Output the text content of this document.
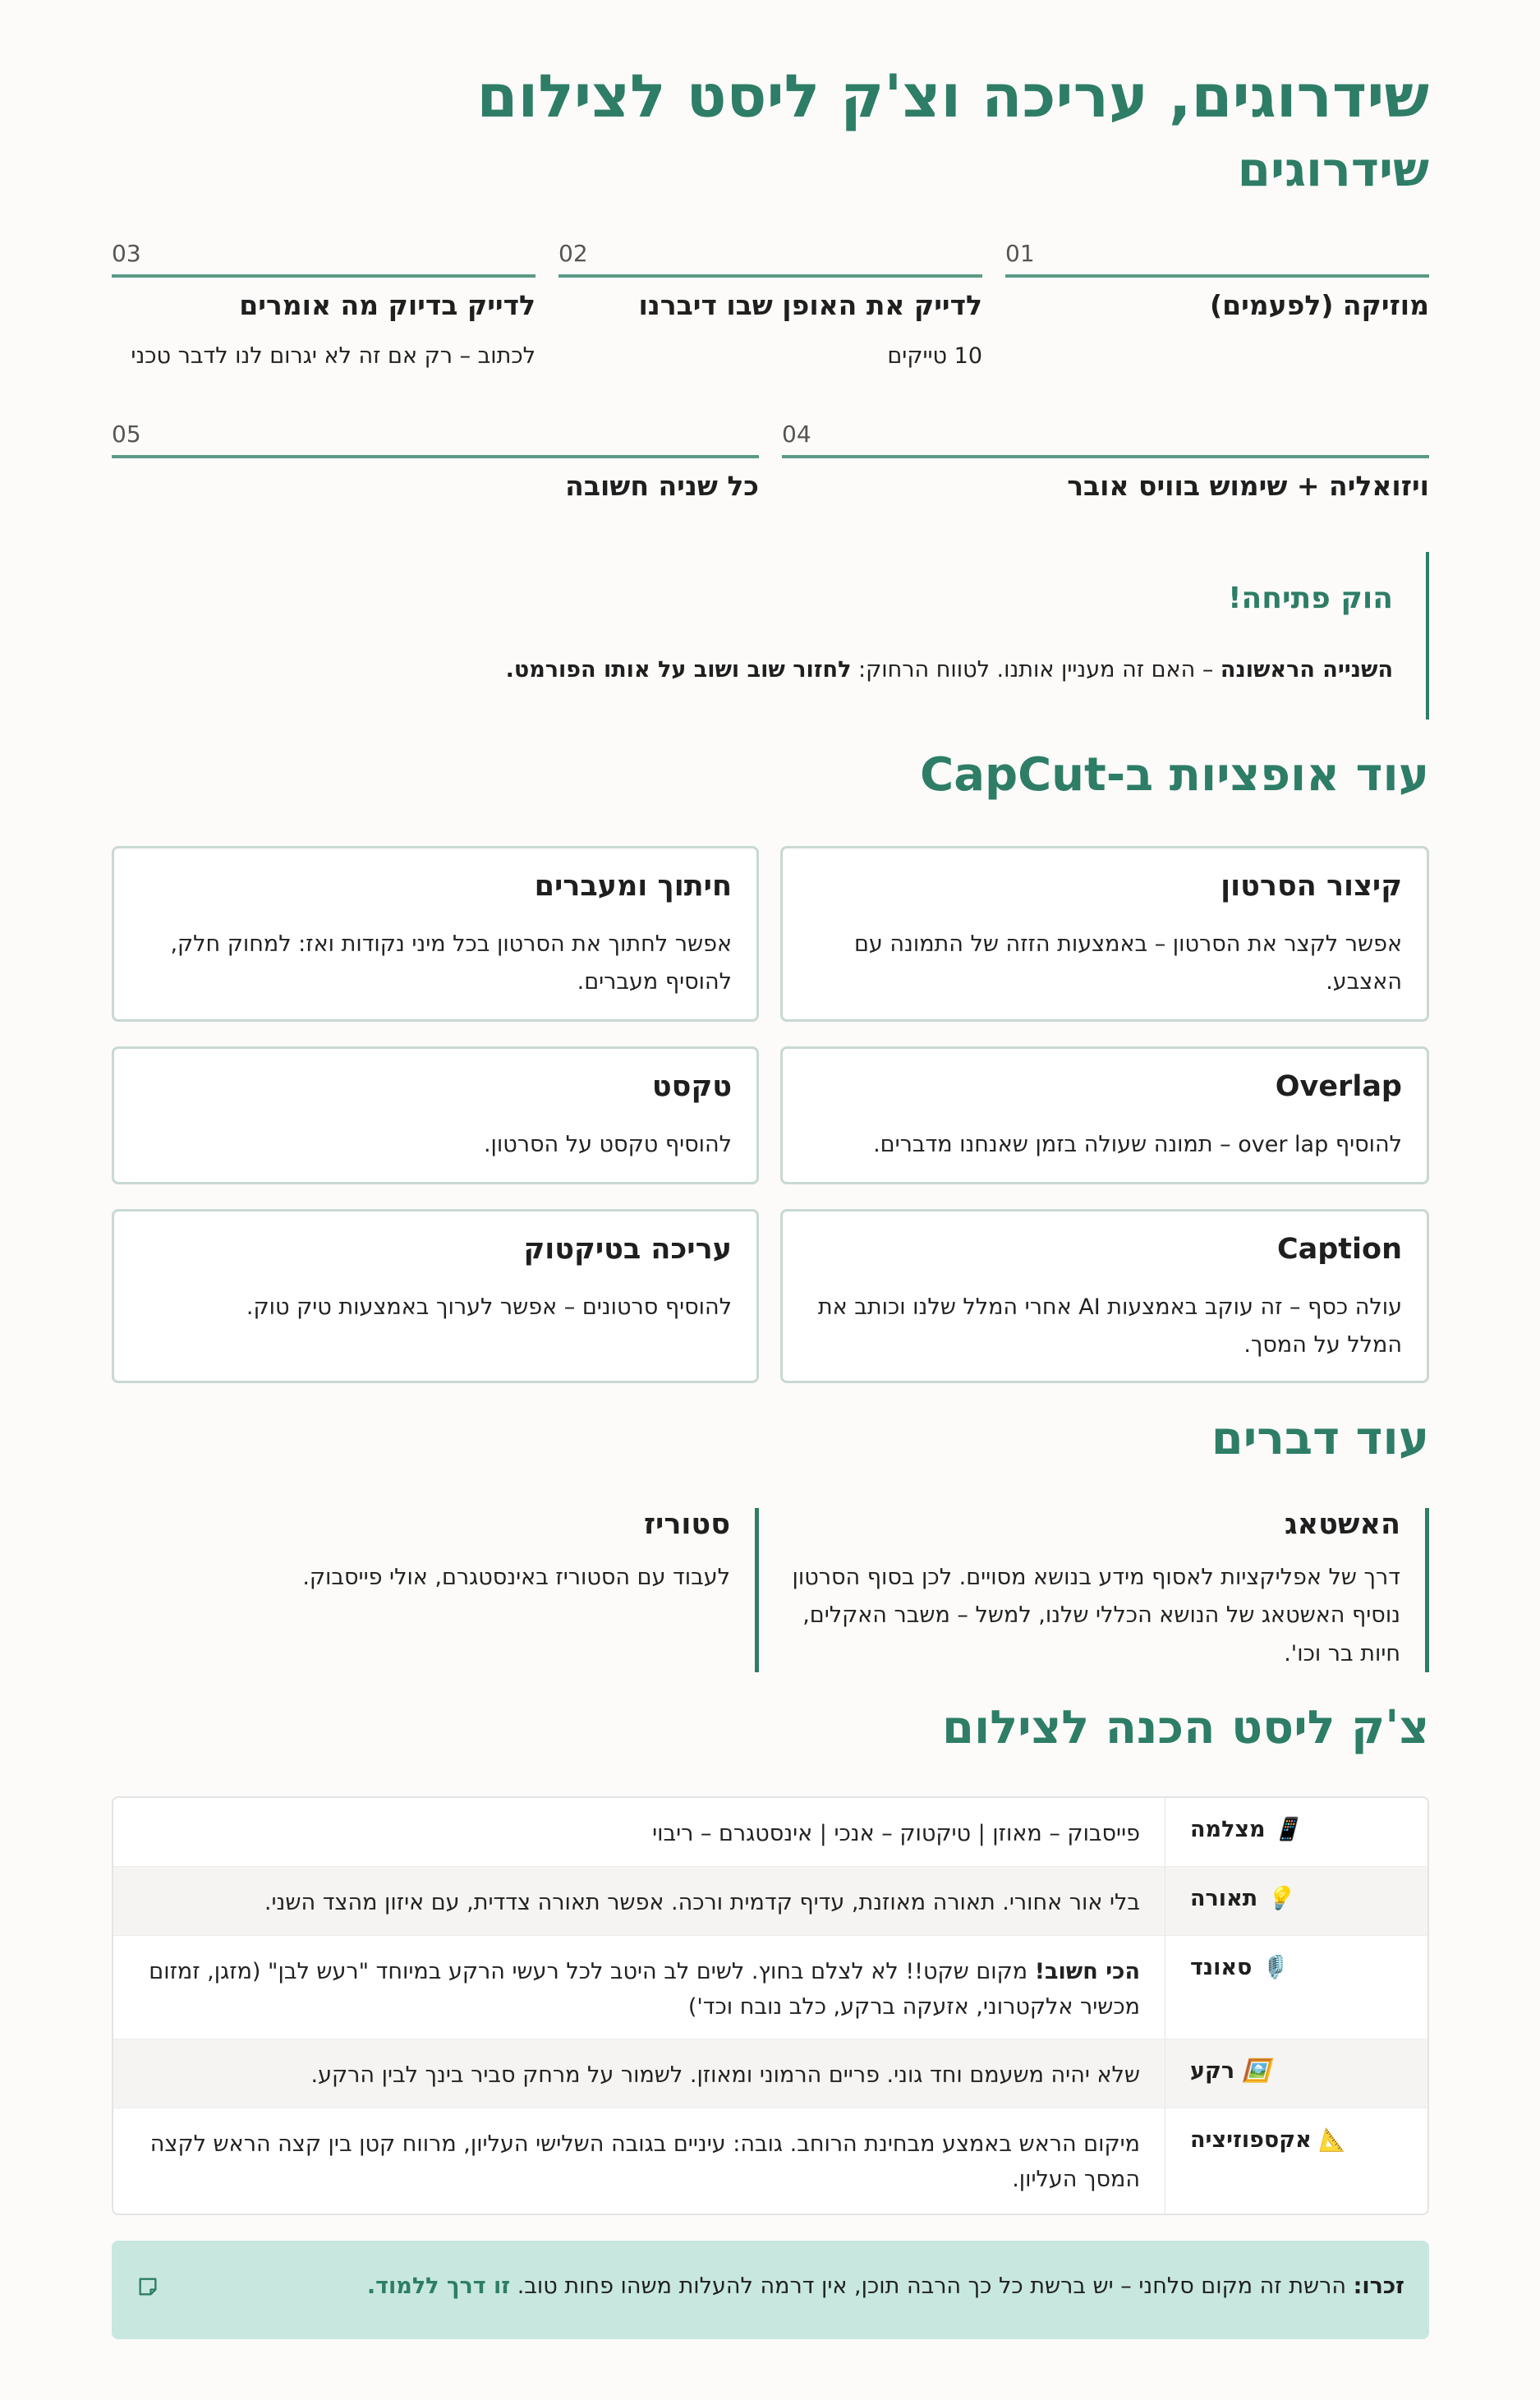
שידרוגים, עריכה וצ'ק ליסט לצילום
שידרוגים
01
מוזיקה (לפעמים)
02
לדייק את האופן שבו דיברנו
10 טייקים
03
לדייק בדיוק מה אומרים
לכתוב – רק אם זה לא יגרום לנו לדבר טכני
04
ויזואליה + שימוש בוויס אובר
05
כל שניה חשובה
הוק פתיחה!
השנייה הראשונה – האם זה מעניין אותנו. לטווח הרחוק: לחזור שוב ושוב על אותו הפורמט.
עוד אופציות ב-CapCut
קיצור הסרטון
אפשר לקצר את הסרטון – באמצעות הזזה של התמונה עם האצבע.
חיתוך ומעברים
אפשר לחתוך את הסרטון בכל מיני נקודות ואז: למחוק חלק, להוסיף מעברים.
Overlap
להוסיף over lap – תמונה שעולה בזמן שאנחנו מדברים.
טקסט
להוסיף טקסט על הסרטון.
Caption
עולה כסף – זה עוקב באמצעות AI אחרי המלל שלנו וכותב את המלל על המסך.
עריכה בטיקטוק
להוסיף סרטונים – אפשר לערוך באמצעות טיק טוק.
עוד דברים
האשטאג
דרך של אפליקציות לאסוף מידע בנושא מסויים. לכן בסוף הסרטון נוסיף האשטאג של הנושא הכללי שלנו, למשל – משבר האקלים, חיות בר וכו'.
סטוריז
לעבוד עם הסטוריז באינסטגרם, אולי פייסבוק.
צ'ק ליסט הכנה לצילום
📱 מצלמה
פייסבוק – מאוזן | טיקטוק – אנכי | אינסטגרם – ריבוי
💡 תאורה
בלי אור אחורי. תאורה מאוזנת, עדיף קדמית ורכה. אפשר תאורה צדדית, עם איזון מהצד השני.
🎙️ סאונד
הכי חשוב! מקום שקט!! לא לצלם בחוץ. לשים לב היטב לכל רעשי הרקע במיוחד "רעש לבן" (מזגן, זמזום מכשיר אלקטרוני, אזעקה ברקע, כלב נובח וכד')
🖼️ רקע
שלא יהיה משעמם וחד גוני. פריים הרמוני ומאוזן. לשמור על מרחק סביר בינך לבין הרקע.
📐 אקספוזיציה
מיקום הראש באמצע מבחינת הרוחב. גובה: עיניים בגובה השלישי העליון, מרווח קטן בין קצה הראש לקצה המסך העליון.
זכרו: הרשת זה מקום סלחני – יש ברשת כל כך הרבה תוכן, אין דרמה להעלות משהו פחות טוב. זו דרך ללמוד.
